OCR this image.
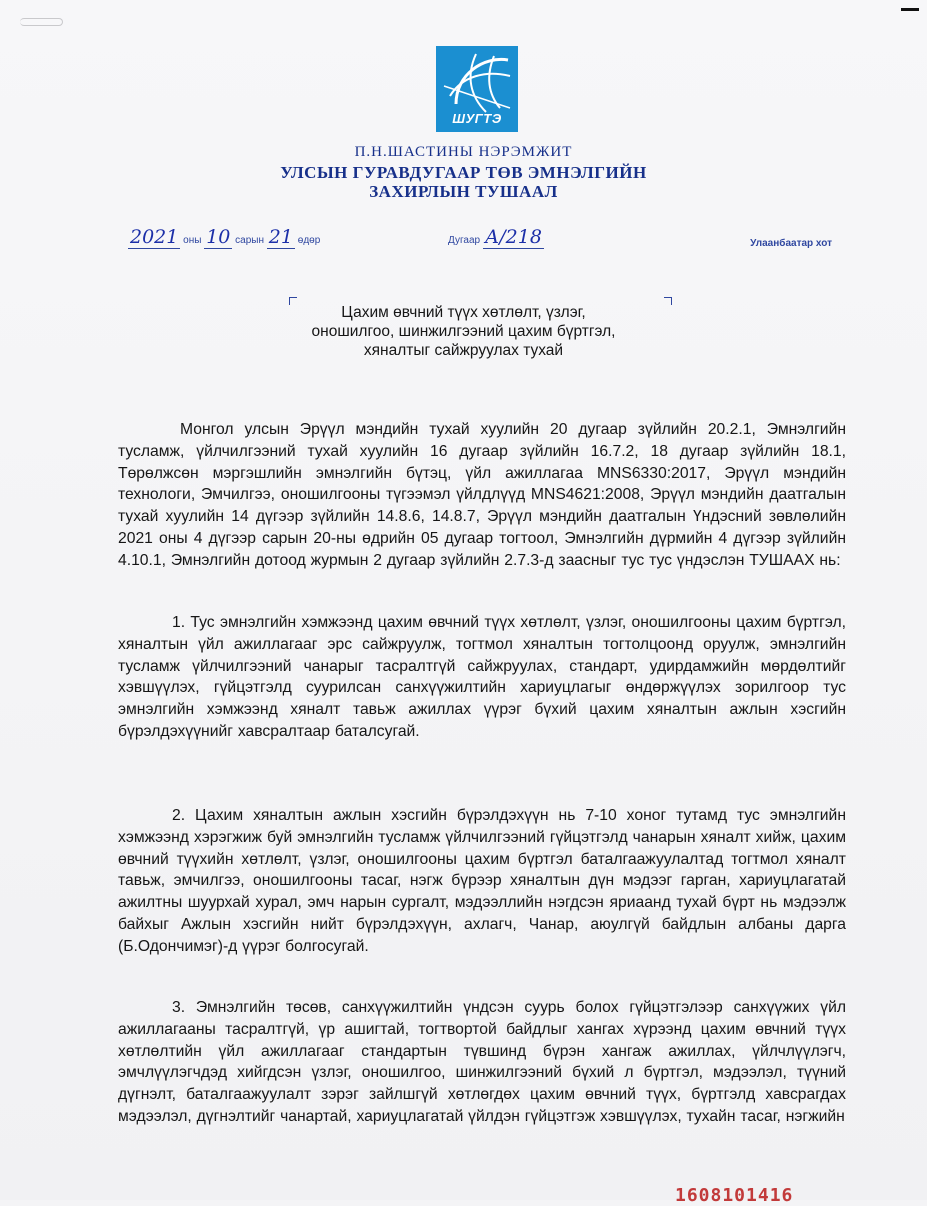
ШУГТЭ
П.Н.ШАСТИНЫ НЭРЭМЖИТ
УЛСЫН ГУРАВДУГААР ТӨВ ЭМНЭЛГИЙН
ЗАХИРЛЫН ТУШААЛ
2021 оны 10 сарын 21 өдөр	Дугаар А/218	Улаанбаатар хот
Цахим өвчний түүх хөтлөлт, үзлэг,
оношилгоо, шинжилгээний цахим бүртгэл,
хяналтыг сайжруулах тухай
Монгол улсын Эрүүл мэндийн тухай хуулийн 20 дугаар зүйлийн 20.2.1, Эмнэлгийн тусламж, үйлчилгээний тухай хуулийн 16 дугаар зүйлийн 16.7.2, 18 дугаар зүйлийн 18.1, Төрөлжсөн мэргэшлийн эмнэлгийн бүтэц, үйл ажиллагаа MNS6330:2017, Эрүүл мэндийн технологи, Эмчилгээ, оношилгооны түгээмэл үйлдлүүд MNS4621:2008, Эрүүл мэндийн даатгалын тухай хуулийн 14 дүгээр зүйлийн 14.8.6, 14.8.7, Эрүүл мэндийн даатгалын Үндэсний зөвлөлийн 2021 оны 4 дүгээр сарын 20-ны өдрийн 05 дугаар тогтоол, Эмнэлгийн дүрмийн 4 дүгээр зүйлийн 4.10.1, Эмнэлгийн дотоод журмын 2 дугаар зүйлийн 2.7.3-д заасныг тус тус үндэслэн ТУШААХ нь:
1. Тус эмнэлгийн хэмжээнд цахим өвчний түүх хөтлөлт, үзлэг, оношилгооны цахим бүртгэл, хяналтын үйл ажиллагааг эрс сайжруулж, тогтмол хяналтын тогтолцоонд оруулж, эмнэлгийн тусламж үйлчилгээний чанарыг тасралтгүй сайжруулах, стандарт, удирдамжийн мөрдөлтийг хэвшүүлэх, гүйцэтгэлд суурилсан санхүүжилтийн хариуцлагыг өндөржүүлэх зорилгоор тус эмнэлгийн хэмжээнд хяналт тавьж ажиллах үүрэг бүхий цахим хяналтын ажлын хэсгийн бүрэлдэхүүнийг хавсралтаар баталсугай.
2. Цахим хяналтын ажлын хэсгийн бүрэлдэхүүн нь 7-10 хоног тутамд тус эмнэлгийн хэмжээнд хэрэгжиж буй эмнэлгийн тусламж үйлчилгээний гүйцэтгэлд чанарын хяналт хийж, цахим өвчний түүхийн хөтлөлт, үзлэг, оношилгооны цахим бүртгэл баталгаажуулалтад тогтмол хяналт тавьж, эмчилгээ, оношилгооны тасаг, нэгж бүрээр хяналтын дүн мэдээг гарган, хариуцлагатай ажилтны шуурхай хурал, эмч нарын сургалт, мэдээллийн нэгдсэн яриаанд тухай бүрт нь мэдээлж байхыг Ажлын хэсгийн нийт бүрэлдэхүүн, ахлагч, Чанар, аюулгүй байдлын албаны дарга (Б.Одончимэг)-д үүрэг болгосугай.
3. Эмнэлгийн төсөв, санхүүжилтийн үндсэн суурь болох гүйцэтгэлээр санхүүжих үйл ажиллагааны тасралтгүй, үр ашигтай, тогтвортой байдлыг хангах хүрээнд цахим өвчний түүх хөтлөлтийн үйл ажиллагааг стандартын түвшинд бүрэн хангаж ажиллах, үйлчлүүлэгч, эмчлүүлэгчдэд хийгдсэн үзлэг, оношилгоо, шинжилгээний бүхий л бүртгэл, мэдээлэл, түүний дүгнэлт, баталгаажуулалт зэрэг зайлшгүй хөтлөгдөх цахим өвчний түүх, бүртгэлд хавсрагдах мэдээлэл, дүгнэлтийг чанартай, хариуцлагатай үйлдэн гүйцэтгэж хэвшүүлэх, тухайн тасаг, нэгжийн
1608101416
